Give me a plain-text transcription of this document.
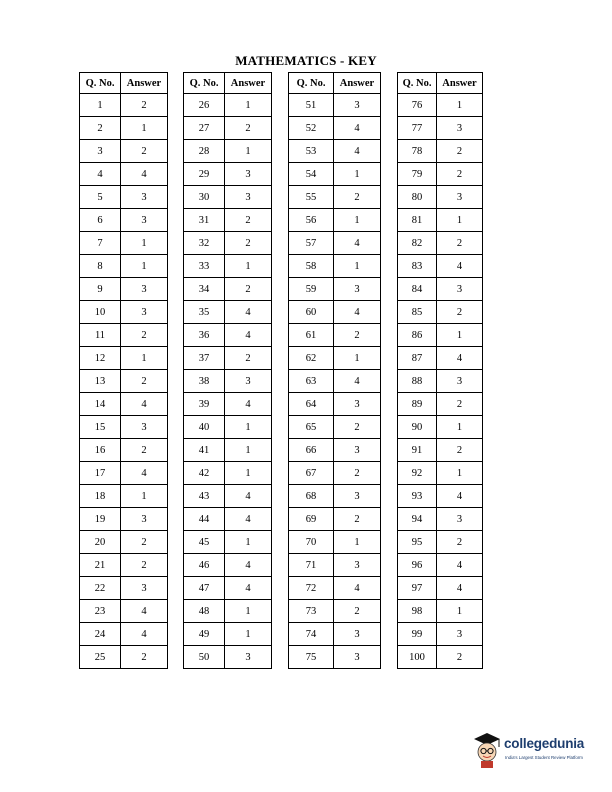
MATHEMATICS - KEY
Q. No.	Answer		Q. No.	Answer		Q. No.	Answer		Q. No.	Answer
1	2		26	1		51	3		76	1
2	1		27	2		52	4		77	3
3	2		28	1		53	4		78	2
4	4		29	3		54	1		79	2
5	3		30	3		55	2		80	3
6	3		31	2		56	1		81	1
7	1		32	2		57	4		82	2
8	1		33	1		58	1		83	4
9	3		34	2		59	3		84	3
10	3		35	4		60	4		85	2
11	2		36	4		61	2		86	1
12	1		37	2		62	1		87	4
13	2		38	3		63	4		88	3
14	4		39	4		64	3		89	2
15	3		40	1		65	2		90	1
16	2		41	1		66	3		91	2
17	4		42	1		67	2		92	1
18	1		43	4		68	3		93	4
19	3		44	4		69	2		94	3
20	2		45	1		70	1		95	2
21	2		46	4		71	3		96	4
22	3		47	4		72	4		97	4
23	4		48	1		73	2		98	1
24	4		49	1		74	3		99	3
25	2		50	3		75	3		100	2
collegedunia
India's Largest Student Review Platform
